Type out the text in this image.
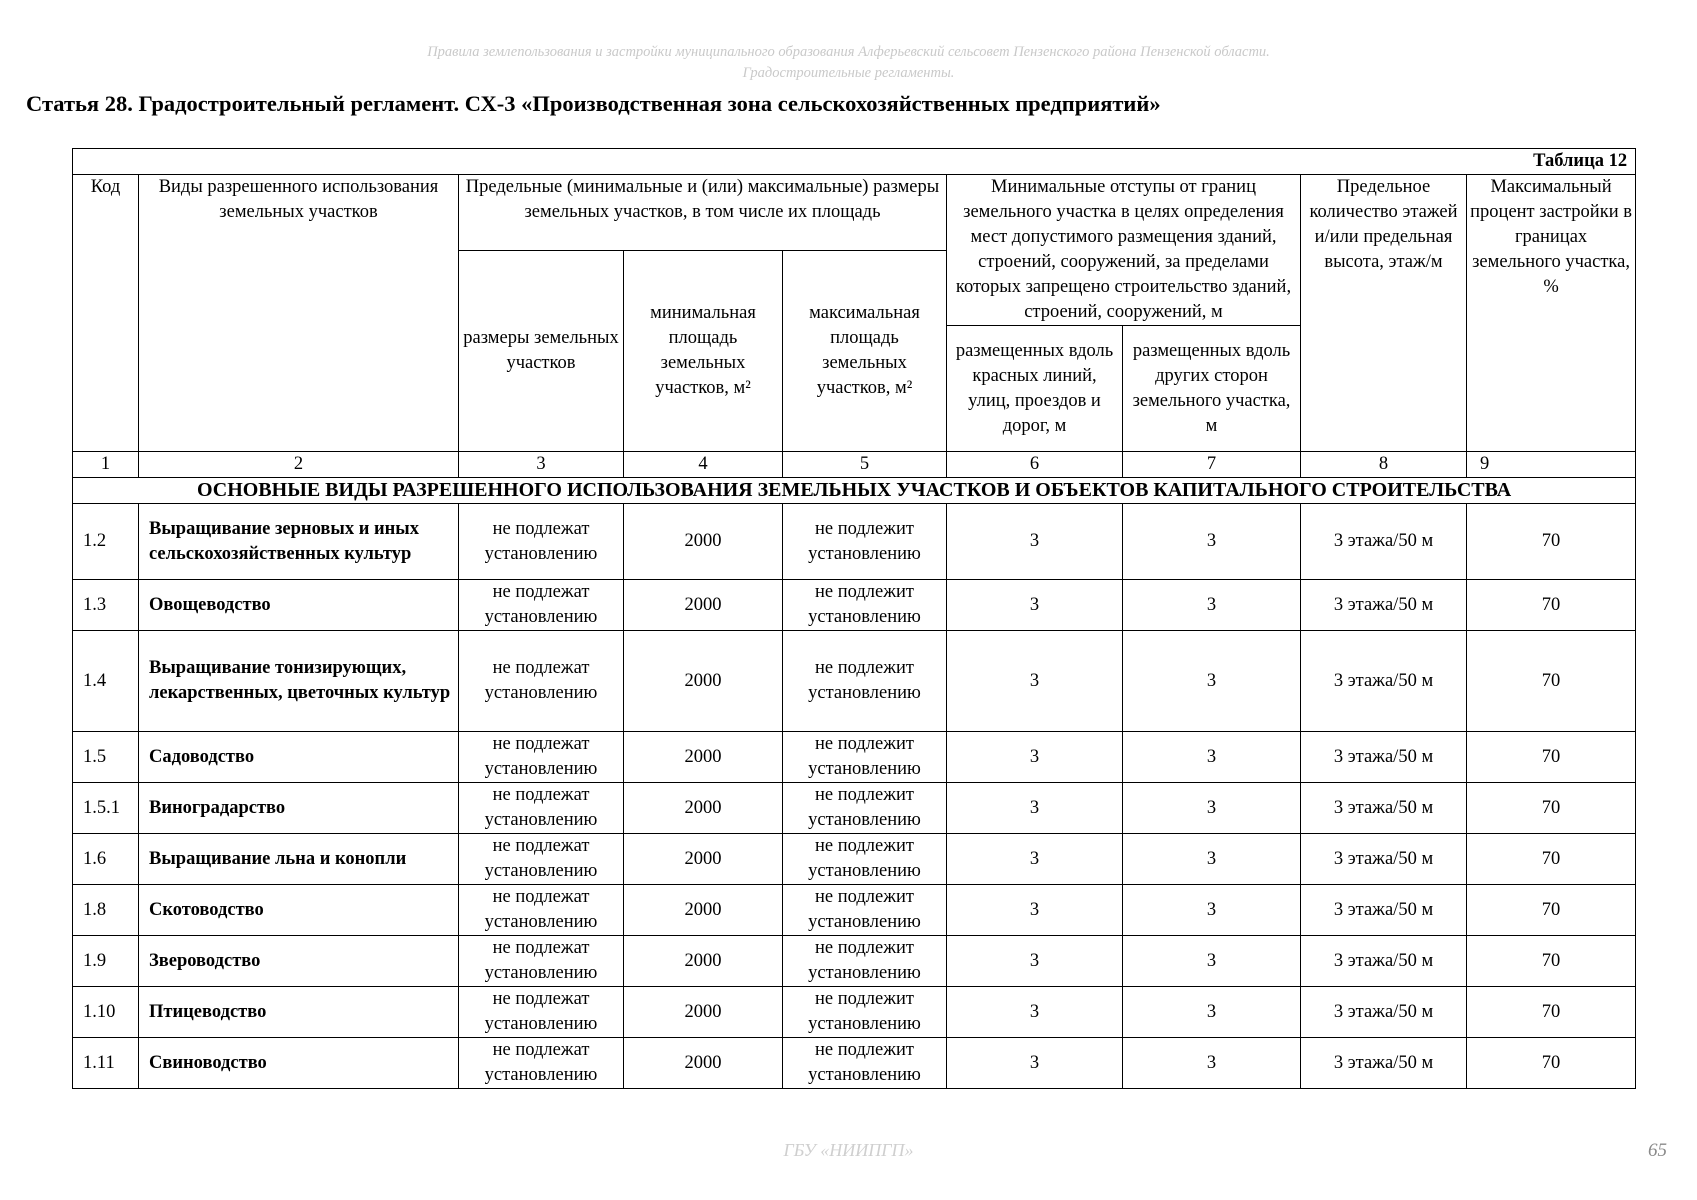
Правила землепользования и застройки муниципального образования Алферьевский сельсовет Пензенского района Пензенской области.
Градостроительные регламенты.
Статья 28. Градостроительный регламент. СХ-3 «Производственная зона сельскохозяйственных предприятий»
Таблица 12								
Код	Виды разрешенного использования земельных участков	Предельные (минимальные и (или) максимальные) размеры земельных участков, в том числе их площадь			Минимальные отступы от границ земельного участка в целях определения мест допустимого размещения зданий, строений, сооружений, за пределами которых запрещено строительство зданий, строений, сооружений, м		Предельное количество этажей и/или предельная высота, этаж/м	Максимальный процент застройки в границах земельного участка, %
		размеры земельных участков	минимальная площадь земельных участков, м²	максимальная площадь земельных участков, м²				
					размещенных вдоль красных линий, улиц, проездов и дорог, м	размещенных вдоль других сторон земельного участка, м		
1	2	3	4	5	6	7	8	9
ОСНОВНЫЕ ВИДЫ РАЗРЕШЕННОГО ИСПОЛЬЗОВАНИЯ ЗЕМЕЛЬНЫХ УЧАСТКОВ И ОБЪЕКТОВ КАПИТАЛЬНОГО СТРОИТЕЛЬСТВА								
1.2	Выращивание зерновых и иных сельскохозяйственных культур	не подлежат установлению	2000	не подлежит установлению	3	3	3 этажа/50 м	70
1.3	Овощеводство	не подлежат установлению	2000	не подлежит установлению	3	3	3 этажа/50 м	70
1.4	Выращивание тонизирующих, лекарственных, цветочных культур	не подлежат установлению	2000	не подлежит установлению	3	3	3 этажа/50 м	70
1.5	Садоводство	не подлежат установлению	2000	не подлежит установлению	3	3	3 этажа/50 м	70
1.5.1	Виноградарство	не подлежат установлению	2000	не подлежит установлению	3	3	3 этажа/50 м	70
1.6	Выращивание льна и конопли	не подлежат установлению	2000	не подлежит установлению	3	3	3 этажа/50 м	70
1.8	Скотоводство	не подлежат установлению	2000	не подлежит установлению	3	3	3 этажа/50 м	70
1.9	Звероводство	не подлежат установлению	2000	не подлежит установлению	3	3	3 этажа/50 м	70
1.10	Птицеводство	не подлежат установлению	2000	не подлежит установлению	3	3	3 этажа/50 м	70
1.11	Свиноводство	не подлежат установлению	2000	не подлежит установлению	3	3	3 этажа/50 м	70
ГБУ «НИИПГП»	65
